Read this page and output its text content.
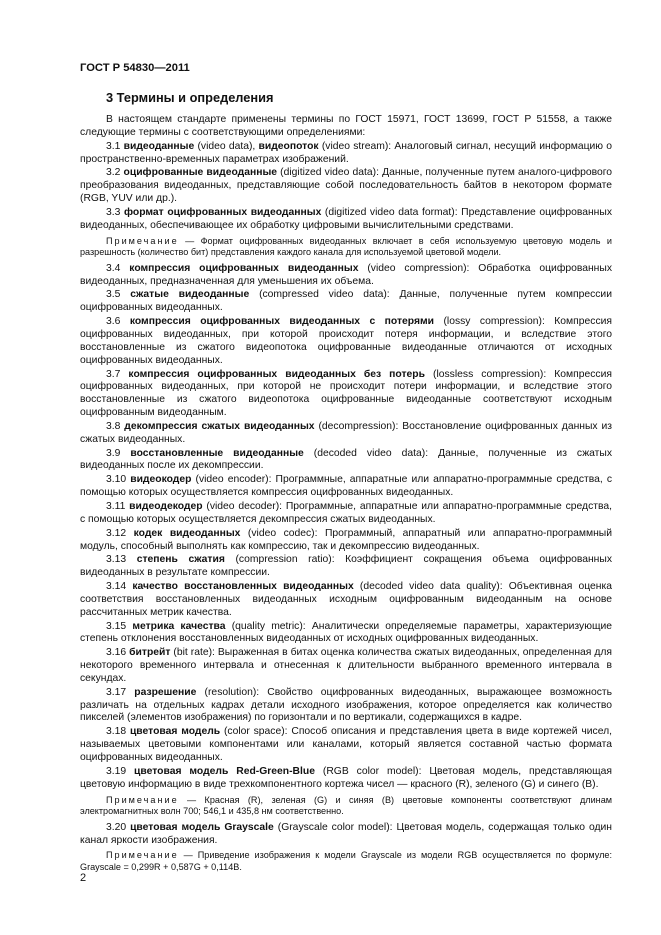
ГОСТ Р 54830—2011
3 Термины и определения

В настоящем стандарте применены термины по ГОСТ 15971, ГОСТ 13699, ГОСТ Р 51558, а также следующие термины с соответствующими определениями:

3.1 видеоданные (video data), видеопоток (video stream): Аналоговый сигнал, несущий информацию о пространственно-временных параметрах изображений.

3.2 оцифрованные видеоданные (digitized video data): Данные, полученные путем аналого-цифрового преобразования видеоданных, представляющие собой последовательность байтов в некотором формате (RGB, YUV или др.).

3.3 формат оцифрованных видеоданных (digitized video data format): Представление оцифрованных видеоданных, обеспечивающее их обработку цифровыми вычислительными средствами.

Примечание — Формат оцифрованных видеоданных включает в себя используемую цветовую модель и разрешность (количество бит) представления каждого канала для используемой цветовой модели.

3.4 компрессия оцифрованных видеоданных (video compression): Обработка оцифрованных видеоданных, предназначенная для уменьшения их объема.

3.5 сжатые видеоданные (compressed video data): Данные, полученные путем компрессии оцифрованных видеоданных.

3.6 компрессия оцифрованных видеоданных с потерями (lossy compression): Компрессия оцифрованных видеоданных, при которой происходит потеря информации, и вследствие этого восстановленные из сжатого видеопотока оцифрованные видеоданные отличаются от исходных оцифрованных видеоданных.

3.7 компрессия оцифрованных видеоданных без потерь (lossless compression): Компрессия оцифрованных видеоданных, при которой не происходит потери информации, и вследствие этого восстановленные из сжатого видеопотока оцифрованные видеоданные соответствуют исходным оцифрованным видеоданным.

3.8 декомпрессия сжатых видеоданных (decompression): Восстановление оцифрованных данных из сжатых видеоданных.

3.9 восстановленные видеоданные (decoded video data): Данные, полученные из сжатых видеоданных после их декомпрессии.

3.10 видеокодер (video encoder): Программные, аппаратные или аппаратно-программные средства, с помощью которых осуществляется компрессия оцифрованных видеоданных.

3.11 видеодекодер (video decoder): Программные, аппаратные или аппаратно-программные средства, с помощью которых осуществляется декомпрессия сжатых видеоданных.

3.12 кодек видеоданных (video codec): Программный, аппаратный или аппаратно-программный модуль, способный выполнять как компрессию, так и декомпрессию видеоданных.

3.13 степень сжатия (compression ratio): Коэффициент сокращения объема оцифрованных видеоданных в результате компрессии.

3.14 качество восстановленных видеоданных (decoded video data quality): Объективная оценка соответствия восстановленных видеоданных исходным оцифрованным видеоданным на основе рассчитанных метрик качества.

3.15 метрика качества (quality metric): Аналитически определяемые параметры, характеризующие степень отклонения восстановленных видеоданных от исходных оцифрованных видеоданных.

3.16 битрейт (bit rate): Выраженная в битах оценка количества сжатых видеоданных, определенная для некоторого временного интервала и отнесенная к длительности выбранного временного интервала в секундах.

3.17 разрешение (resolution): Свойство оцифрованных видеоданных, выражающее возможность различать на отдельных кадрах детали исходного изображения, которое определяется как количество пикселей (элементов изображения) по горизонтали и по вертикали, содержащихся в кадре.

3.18 цветовая модель (color space): Способ описания и представления цвета в виде кортежей чисел, называемых цветовыми компонентами или каналами, который является составной частью формата оцифрованных видеоданных.

3.19 цветовая модель Red-Green-Blue (RGB color model): Цветовая модель, представляющая цветовую информацию в виде трехкомпонентного кортежа чисел — красного (R), зеленого (G) и синего (B).

Примечание — Красная (R), зеленая (G) и синяя (B) цветовые компоненты соответствуют длинам электромагнитных волн 700; 546,1 и 435,8 нм соответственно.

3.20 цветовая модель Grayscale (Grayscale color model): Цветовая модель, содержащая только один канал яркости изображения.

Примечание — Приведение изображения к модели Grayscale из модели RGB осуществляется по формуле: Grayscale = 0,299R + 0,587G + 0,114B.

2
